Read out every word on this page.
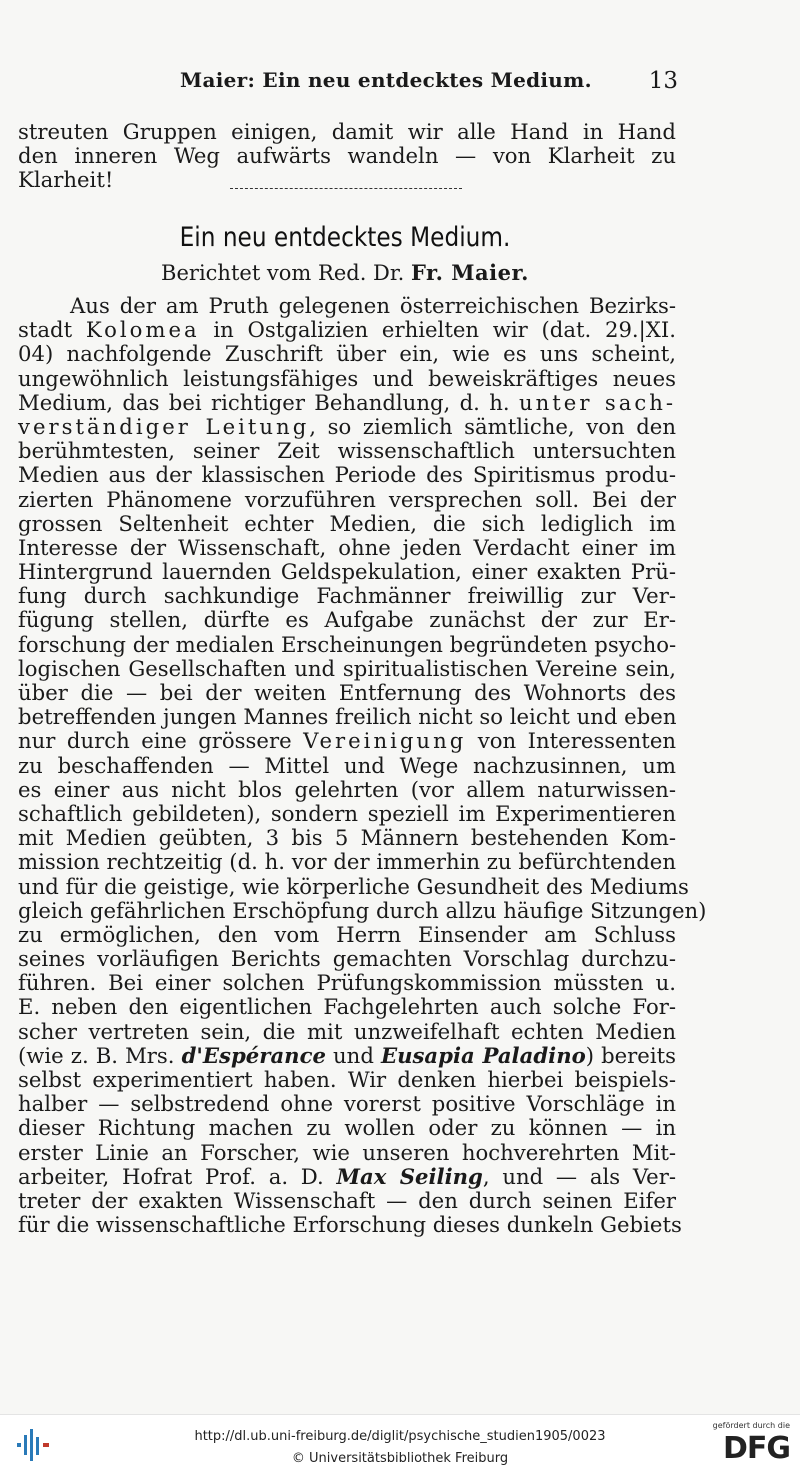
Maier: Ein neu entdecktes Medium. 13
streuten Gruppen einigen, damit wir alle Hand in Hand
den inneren Weg aufwärts wandeln — von Klarheit zu
Klarheit!
Ein neu entdecktes Medium.
Berichtet vom Red. Dr. Fr. Maier.
Aus der am Pruth gelegenen österreichischen Bezirks-
stadt Kolomea in Ostgalizien erhielten wir (dat. 29.|XI.
04) nachfolgende Zuschrift über ein, wie es uns scheint,
ungewöhnlich leistungsfähiges und beweiskräftiges neues
Medium, das bei richtiger Behandlung, d. h. unter sach-
verständiger Leitung, so ziemlich sämtliche, von den
berühmtesten, seiner Zeit wissenschaftlich untersuchten
Medien aus der klassischen Periode des Spiritismus produ-
zierten Phänomene vorzuführen versprechen soll. Bei der
grossen Seltenheit echter Medien, die sich lediglich im
Interesse der Wissenschaft, ohne jeden Verdacht einer im
Hintergrund lauernden Geldspekulation, einer exakten Prü-
fung durch sachkundige Fachmänner freiwillig zur Ver-
fügung stellen, dürfte es Aufgabe zunächst der zur Er-
forschung der medialen Erscheinungen begründeten psycho-
logischen Gesellschaften und spiritualistischen Vereine sein,
über die — bei der weiten Entfernung des Wohnorts des
betreffenden jungen Mannes freilich nicht so leicht und eben
nur durch eine grössere Vereinigung von Interessenten
zu beschaffenden — Mittel und Wege nachzusinnen, um
es einer aus nicht blos gelehrten (vor allem naturwissen-
schaftlich gebildeten), sondern speziell im Experimentieren
mit Medien geübten, 3 bis 5 Männern bestehenden Kom-
mission rechtzeitig (d. h. vor der immerhin zu befürchtenden
und für die geistige, wie körperliche Gesundheit des Mediums
gleich gefährlichen Erschöpfung durch allzu häufige Sitzungen)
zu ermöglichen, den vom Herrn Einsender am Schluss
seines vorläufigen Berichts gemachten Vorschlag durchzu-
führen. Bei einer solchen Prüfungskommission müssten u.
E. neben den eigentlichen Fachgelehrten auch solche For-
scher vertreten sein, die mit unzweifelhaft echten Medien
(wie z. B. Mrs. d'Espérance und Eusapia Paladino) bereits
selbst experimentiert haben. Wir denken hierbei beispiels-
halber — selbstredend ohne vorerst positive Vorschläge in
dieser Richtung machen zu wollen oder zu können — in
erster Linie an Forscher, wie unseren hochverehrten Mit-
arbeiter, Hofrat Prof. a. D. Max Seiling, und — als Ver-
treter der exakten Wissenschaft — den durch seinen Eifer
für die wissenschaftliche Erforschung dieses dunkeln Gebiets
http://dl.ub.uni-freiburg.de/diglit/psychische_studien1905/0023
© Universitätsbibliothek Freiburg
gefördert durch die
DFG
